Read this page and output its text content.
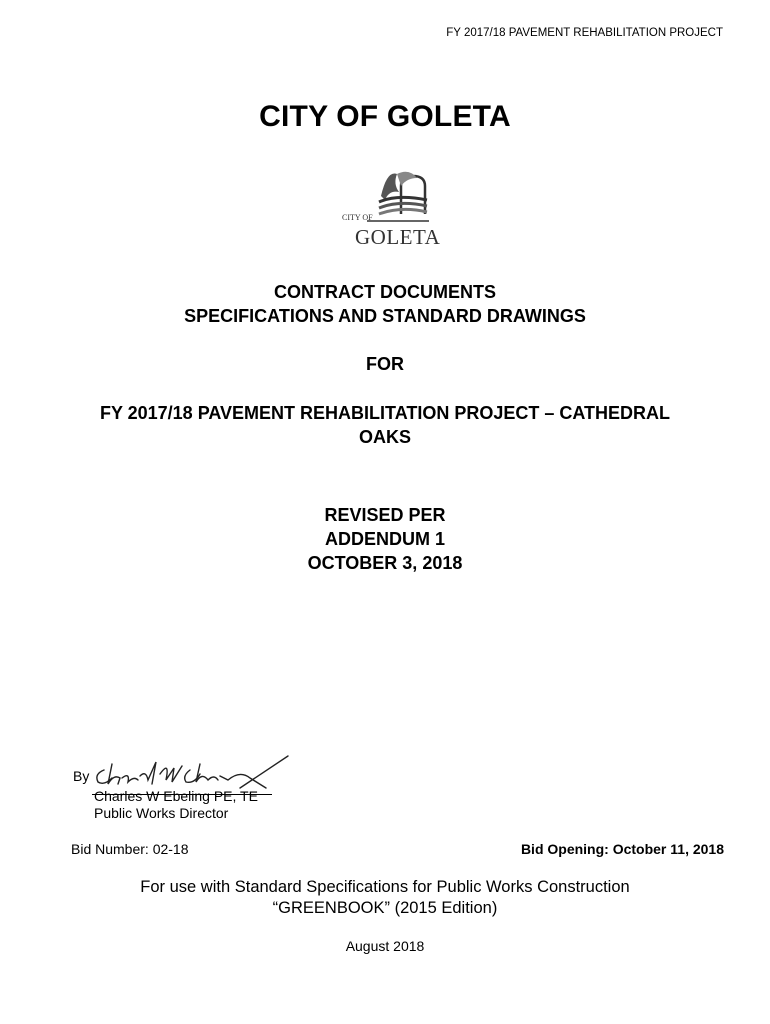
FY 2017/18 PAVEMENT REHABILITATION PROJECT
CITY OF GOLETA
CITY OF
GOLETA
CONTRACT DOCUMENTS
SPECIFICATIONS AND STANDARD DRAWINGS
FOR
FY 2017/18 PAVEMENT REHABILITATION PROJECT – CATHEDRAL
OAKS
REVISED PER
ADDENDUM 1
OCTOBER 3, 2018
By
Charles W Ebeling PE, TE
Public Works Director
Bid Number: 02-18	Bid Opening: October 11, 2018
For use with Standard Specifications for Public Works Construction
“GREENBOOK” (2015 Edition)
August 2018
